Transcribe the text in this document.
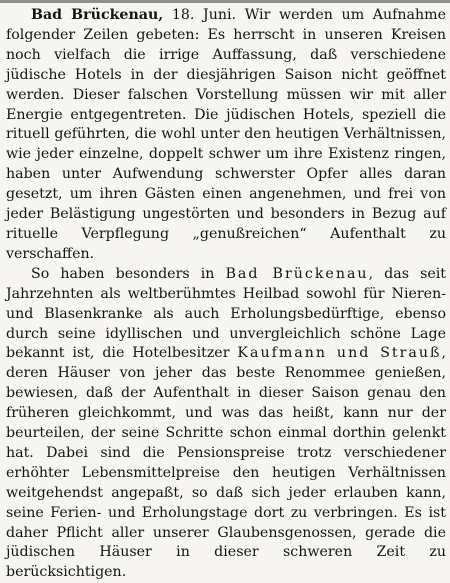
Bad Brückenau, 18. Juni. Wir werden um Aufnahme folgender Zeilen gebeten: Es herrscht in unseren Kreisen noch vielfach die irrige Auffassung, daß verschiedene jüdische Hotels in der diesjährigen Saison nicht geöffnet werden. Dieser falschen Vorstellung müssen wir mit aller Energie entgegentreten. Die jüdischen Hotels, speziell die rituell geführten, die wohl unter den heutigen Verhältnissen, wie jeder einzelne, doppelt schwer um ihre Existenz ringen, haben unter Aufwendung schwerster Opfer alles daran gesetzt, um ihren Gästen einen angenehmen, und frei von jeder Belästigung ungestörten und besonders in Bezug auf rituelle Verpflegung „genußreichen“ Aufenthalt zu verschaffen.

So haben besonders in Bad Brückenau, das seit Jahrzehnten als weltberühmtes Heilbad sowohl für Nieren- und Blasenkranke als auch Erholungsbedürftige, ebenso durch seine idyllischen und unvergleichlich schöne Lage bekannt ist, die Hotelbesitzer Kaufmann und Strauß, deren Häuser von jeher das beste Renommee genießen, bewiesen, daß der Aufenthalt in dieser Saison genau den früheren gleichkommt, und was das heißt, kann nur der beurteilen, der seine Schritte schon einmal dorthin gelenkt hat. Dabei sind die Pensionspreise trotz verschiedener erhöhter Lebensmittelpreise den heutigen Verhältnissen weitgehendst angepaßt, so daß sich jeder erlauben kann, seine Ferien- und Erholungstage dort zu verbringen. Es ist daher Pflicht aller unserer Glaubensgenossen, gerade die jüdischen Häuser in dieser schweren Zeit zu berücksichtigen.
